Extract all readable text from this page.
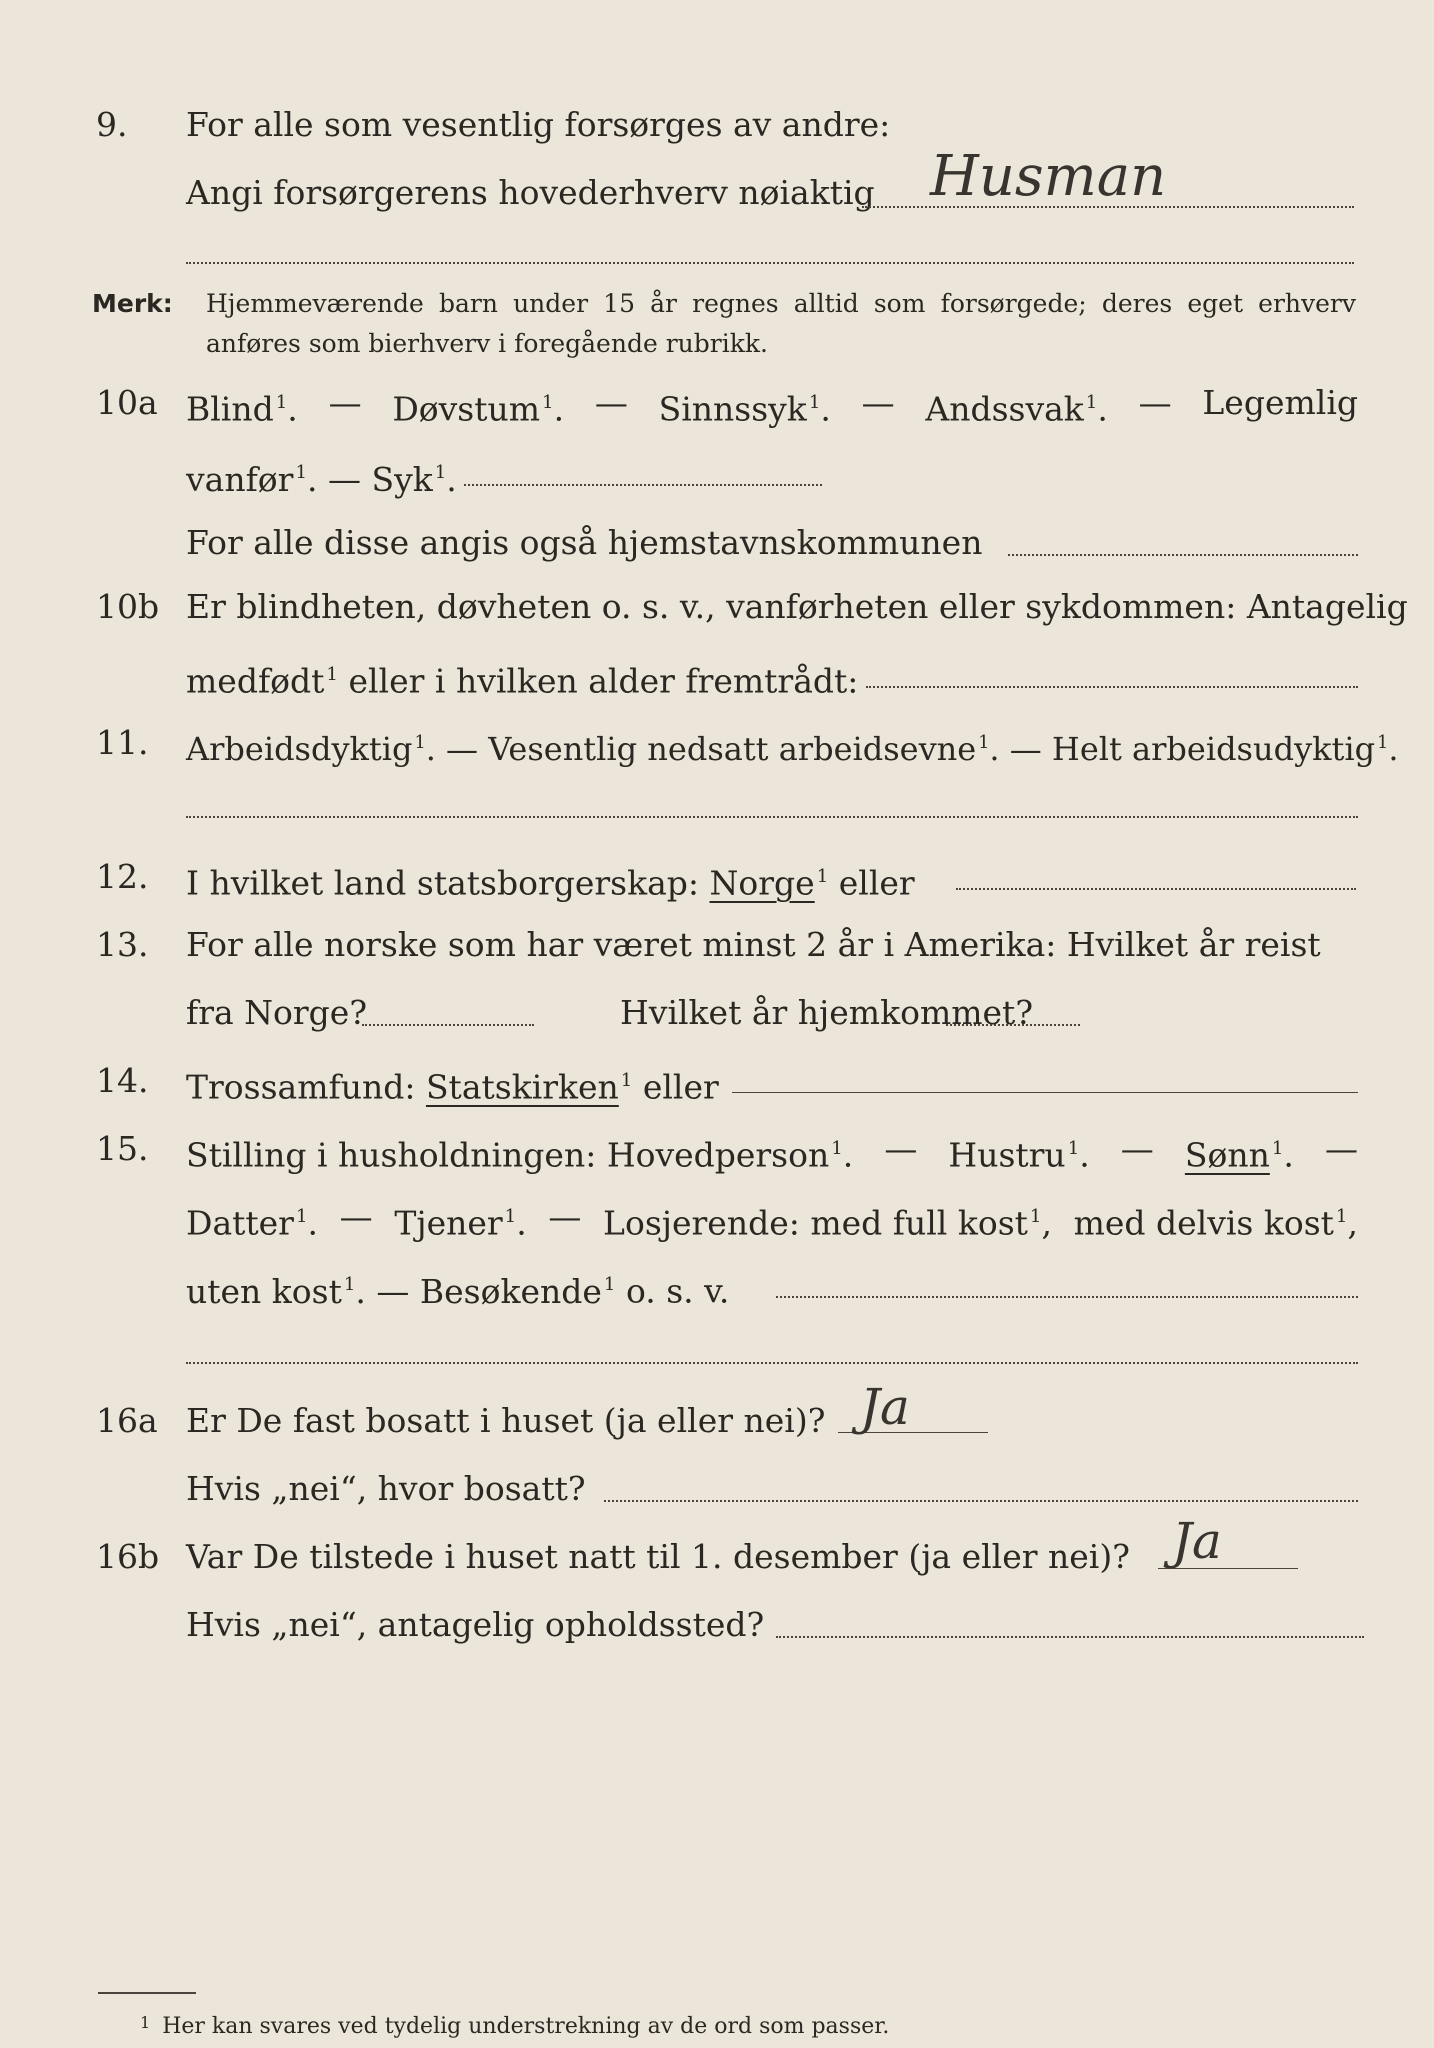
9.	For alle som vesentlig forsørges av andre:
Angi forsørgerens hovederhverv nøiaktig Husman
Merk: Hjemmeværende barn under 15 år regnes alltid som forsørgede; deres eget erhverv anføres som bierhverv i foregående rubrikk.
10a Blind $^1$. — Døvstum $^1$. — Sinnssyk $^1$. — Andssvak $^1$. — Legemlig
vanfør $^1$. — Syk $^1$.
For alle disse angis også hjemstavnskommunen
10b Er blindheten, døvheten o. s. v., vanførheten eller sykdommen: Antagelig
medfødt $^1$ eller i hvilken alder fremtrådt:
11.	Arbeidsdyktig $^1$. — Vesentlig nedsatt arbeidsevne $^1$. — Helt arbeidsudyktig $^1$.
12.	I hvilket land statsborgerskap: Norge $^1$ eller
13.	For alle norske som har været minst 2 år i Amerika: Hvilket år reist
fra Norge?	Hvilket år hjemkommet?
14.	Trossamfund: Statskirken $^1$ eller
15.	Stilling i husholdningen: Hovedperson $^1$. — Hustru $^1$. — Sønn $^1$. —
Datter $^1$. — Tjener $^1$. — Losjerende: med full kost $^1$, med delvis kost $^1$,
uten kost $^1$. — Besøkende $^1$ o. s. v.
16a Er De fast bosatt i huset (ja eller nei)? Ja
Hvis „nei“, hvor bosatt?
16b Var De tilstede i huset natt til 1. desember (ja eller nei)? Ja
Hvis „nei“, antagelig opholdssted?
$^1$ Her kan svares ved tydelig understrekning av de ord som passer.
